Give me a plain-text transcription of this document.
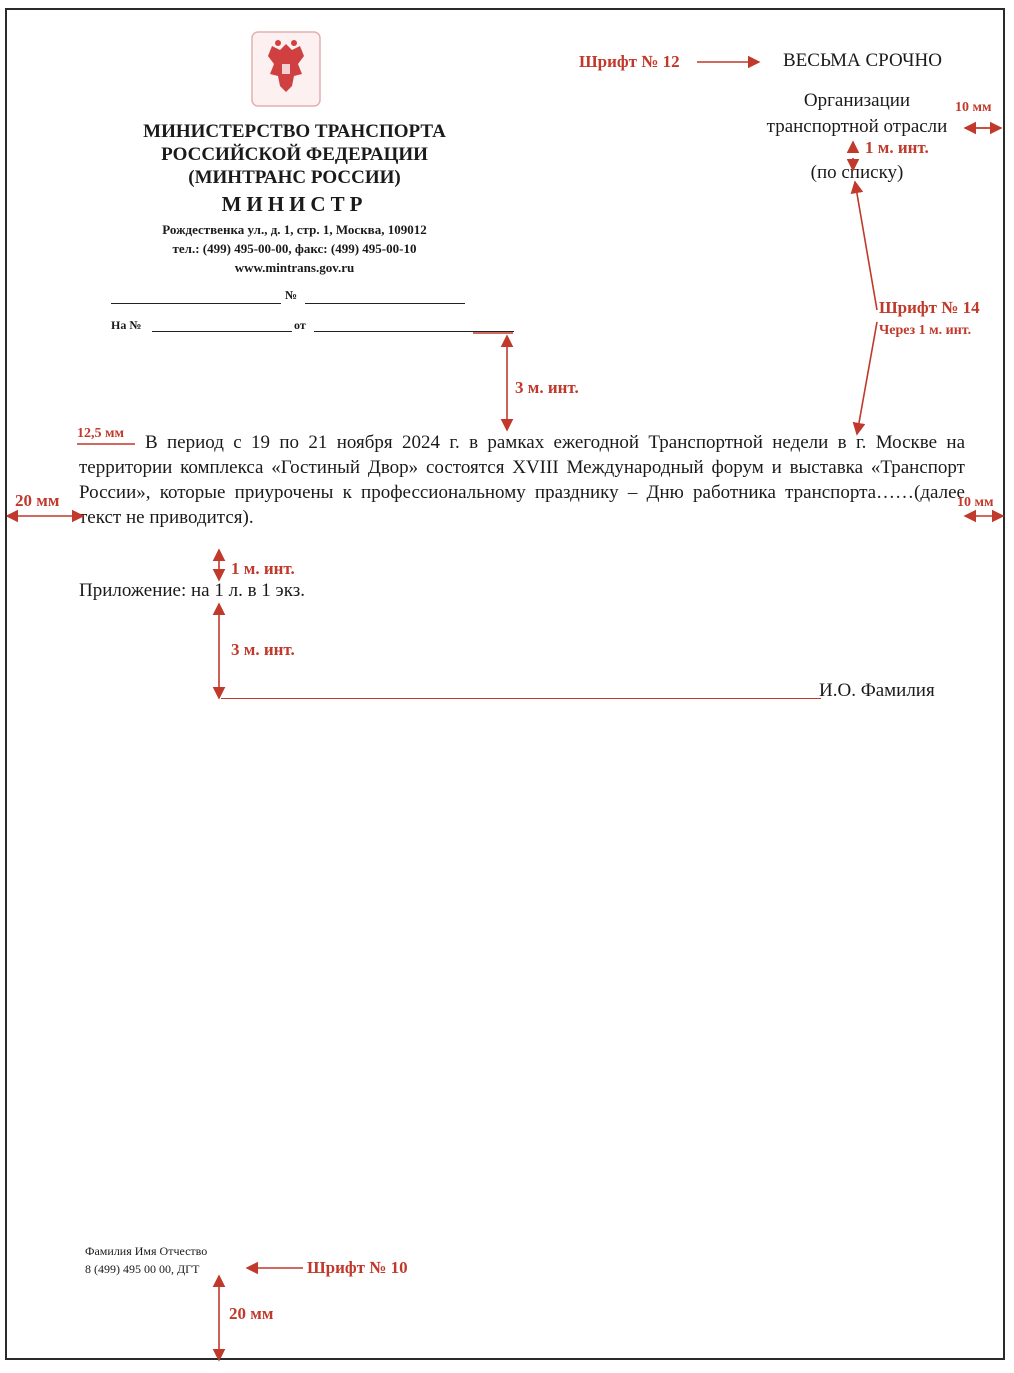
МИНИСТЕРСТВО ТРАНСПОРТА
РОССИЙСКОЙ ФЕДЕРАЦИИ
(МИНТРАНС РОССИИ)
МИНИСТР
Рождественка ул., д. 1, стр. 1, Москва, 109012
тел.: (499) 495-00-00, факс: (499) 495-00-10
www.mintrans.gov.ru
№
На №	от
ВЕСЬМА СРОЧНО
Организации
транспортной отрасли
(по списку)
В период с 19 по 21 ноября 2024 г. в рамках ежегодной Транспортной недели в г. Москве на территории комплекса «Гостиный Двор» состоятся XVIII Международный форум и выставка «Транспорт России», которые приурочены к профессиональному празднику – Дню работника транспорта……(далее текст не приводится).
Приложение: на 1 л. в 1 экз.
И.О. Фамилия
Фамилия Имя Отчество
8 (499) 495 00 00, ДГТ
Шрифт № 12
10 мм
1 м. инт.
Шрифт № 14
Через 1 м. инт.
3 м. инт.
12,5 мм
20 мм	10 мм
1 м. инт.
3 м. инт.
Шрифт № 10
20 мм
